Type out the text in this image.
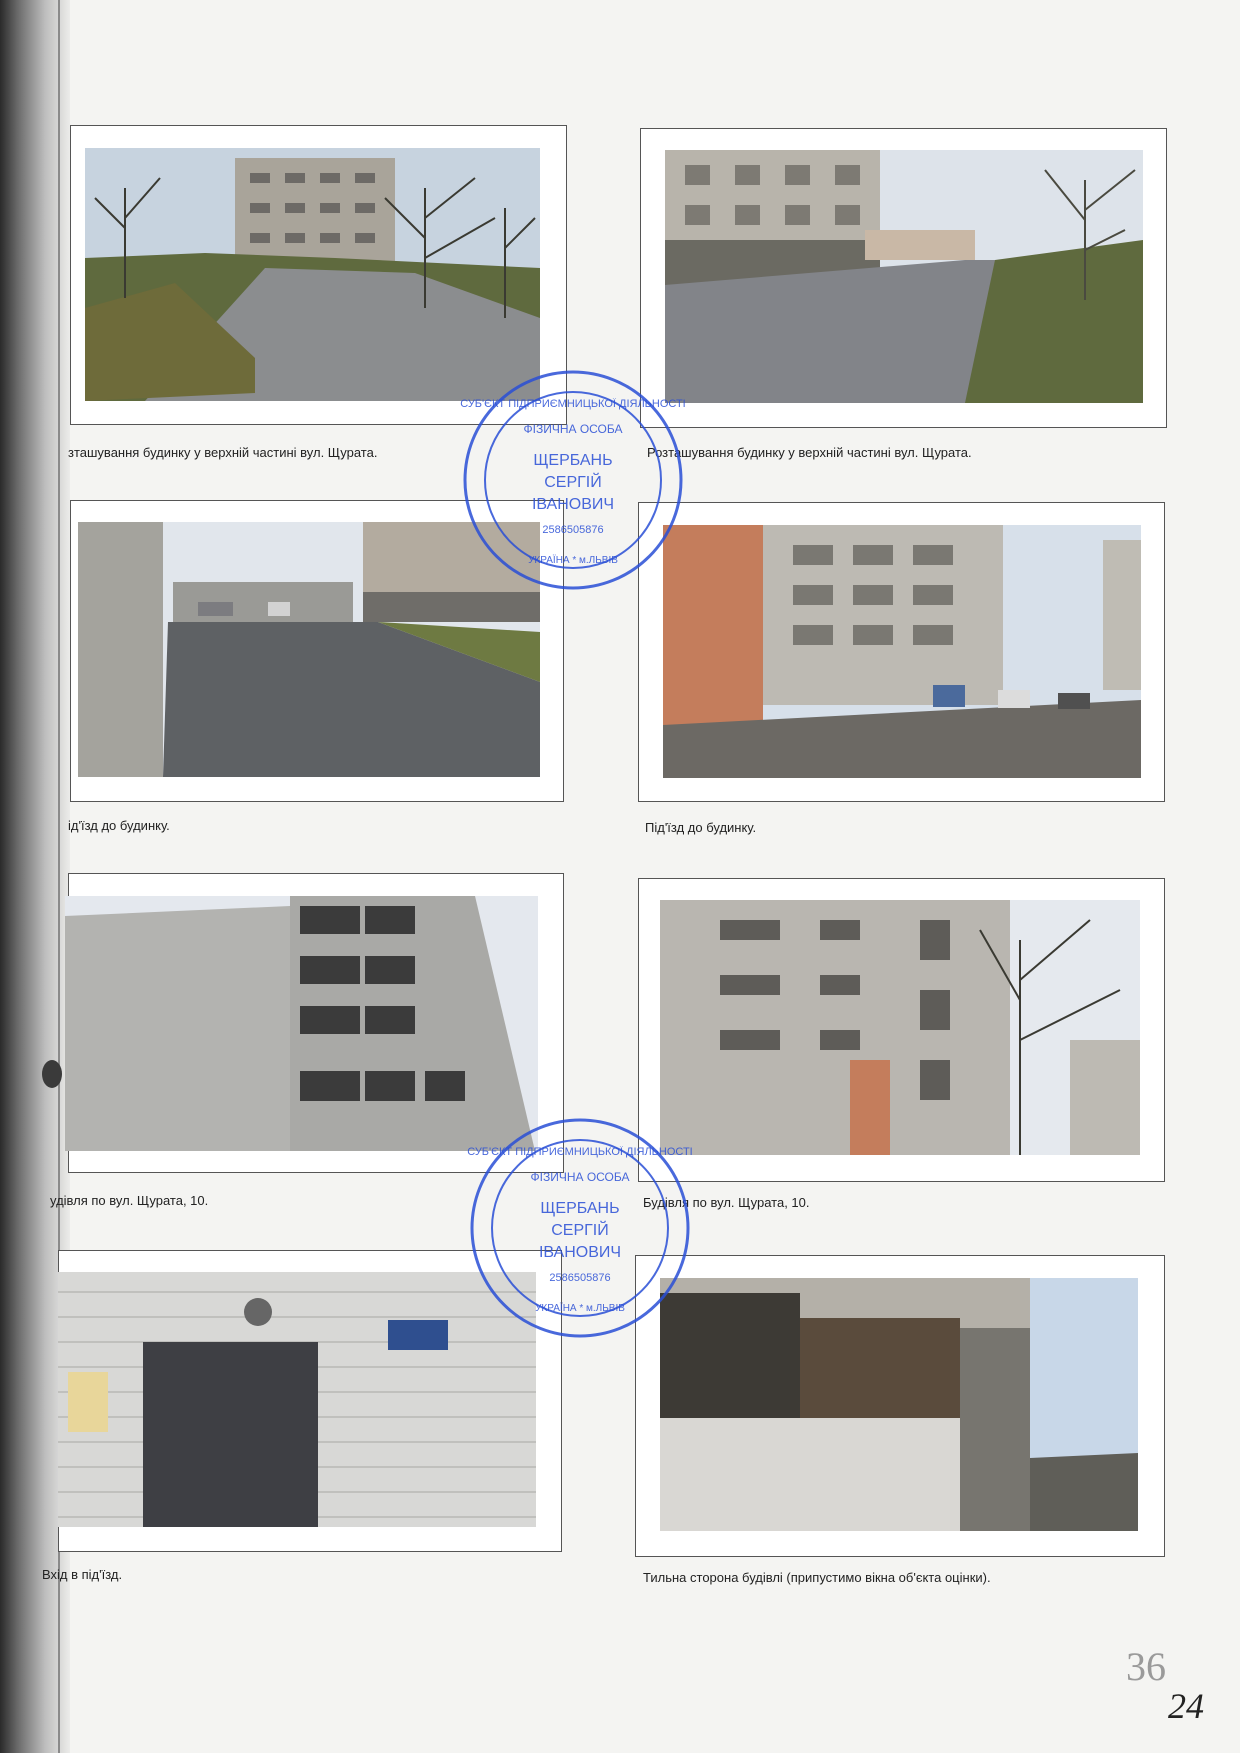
зташування будинку у верхній частині вул. Щурата.	Розташування будинку у верхній частині вул. Щурата.
ід'їзд до будинку.	Під'їзд до будинку.
удівля по вул. Щурата, 10.	Будівля по вул. Щурата, 10.
Вхід в під'їзд.	Тильна сторона будівлі (припустимо вікна об'єкта оцінки).
СУБ'ЄКТ ПІДПРИЄМНИЦЬКОЇ ДІЯЛЬНОСТІ
ФІЗИЧНА ОСОБА
ЩЕРБАНЬ
СЕРГІЙ
ІВАНОВИЧ
2586505876
УКРАЇНА * м.ЛЬВІВ
СУБ'ЄКТ ПІДПРИЄМНИЦЬКОЇ ДІЯЛЬНОСТІ
ФІЗИЧНА ОСОБА
ЩЕРБАНЬ
СЕРГІЙ
ІВАНОВИЧ
2586505876
УКРАЇНА * м.ЛЬВІВ
36
24
